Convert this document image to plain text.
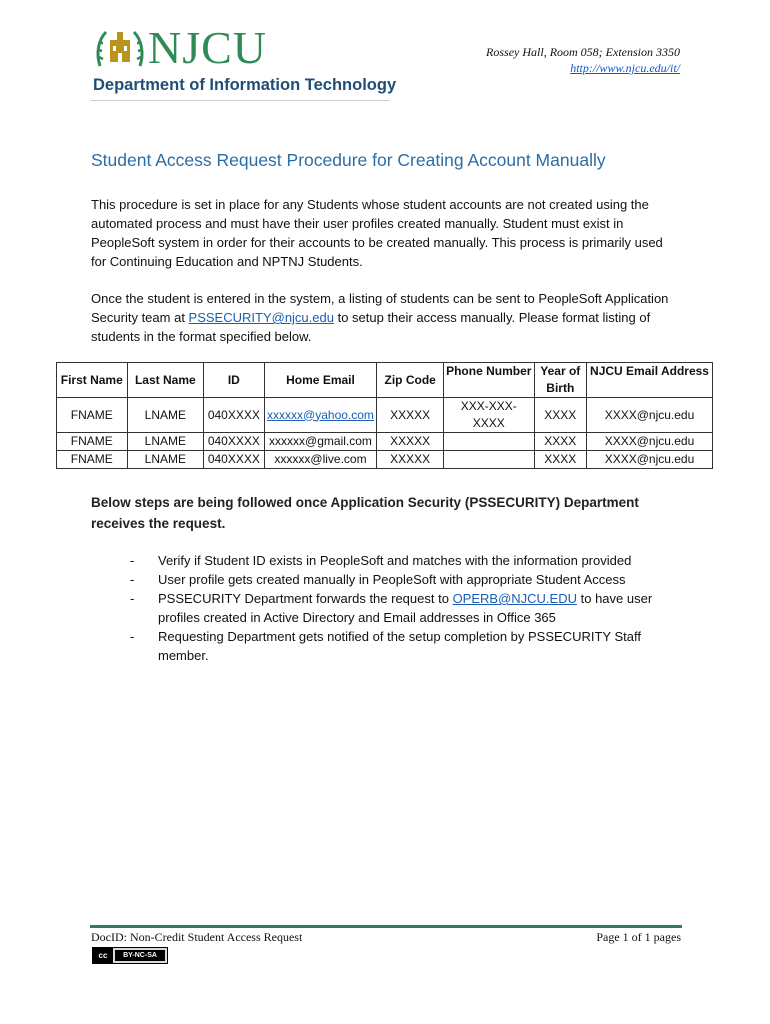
NJCU
Department of Information Technology
Rossey Hall, Room 058; Extension 3350
http://www.njcu.edu/it/
Student Access Request Procedure for Creating Account Manually
This procedure is set in place for any Students whose student accounts are not created using the automated process and must have their user profiles created manually. Student must exist in PeopleSoft system in order for their accounts to be created manually. This process is primarily used for Continuing Education and NPTNJ Students.
Once the student is entered in the system, a listing of students can be sent to PeopleSoft Application Security team at PSSECURITY@njcu.edu to setup their access manually. Please format listing of students in the format specified below.
First Name	Last Name	ID	Home Email	Zip Code	Phone Number	Year of Birth	NJCU Email Address
FNAME	LNAME	040XXXX	xxxxxx@yahoo.com	XXXXX	XXX-XXX-XXXX	XXXX	XXXX@njcu.edu
FNAME	LNAME	040XXXX	xxxxxx@gmail.com	XXXXX		XXXX	XXXX@njcu.edu
FNAME	LNAME	040XXXX	xxxxxx@live.com	XXXXX		XXXX	XXXX@njcu.edu
Below steps are being followed once Application Security (PSSECURITY) Department receives the request.
- Verify if Student ID exists in PeopleSoft and matches with the information provided
- User profile gets created manually in PeopleSoft with appropriate Student Access
- PSSECURITY Department forwards the request to OPERB@NJCU.EDU to have user profiles created in Active Directory and Email addresses in Office 365
- Requesting Department gets notified of the setup completion by PSSECURITY Staff member.
DocID: Non-Credit Student Access Request	Page 1 of 1 pages
cc	BY-NC-SA
